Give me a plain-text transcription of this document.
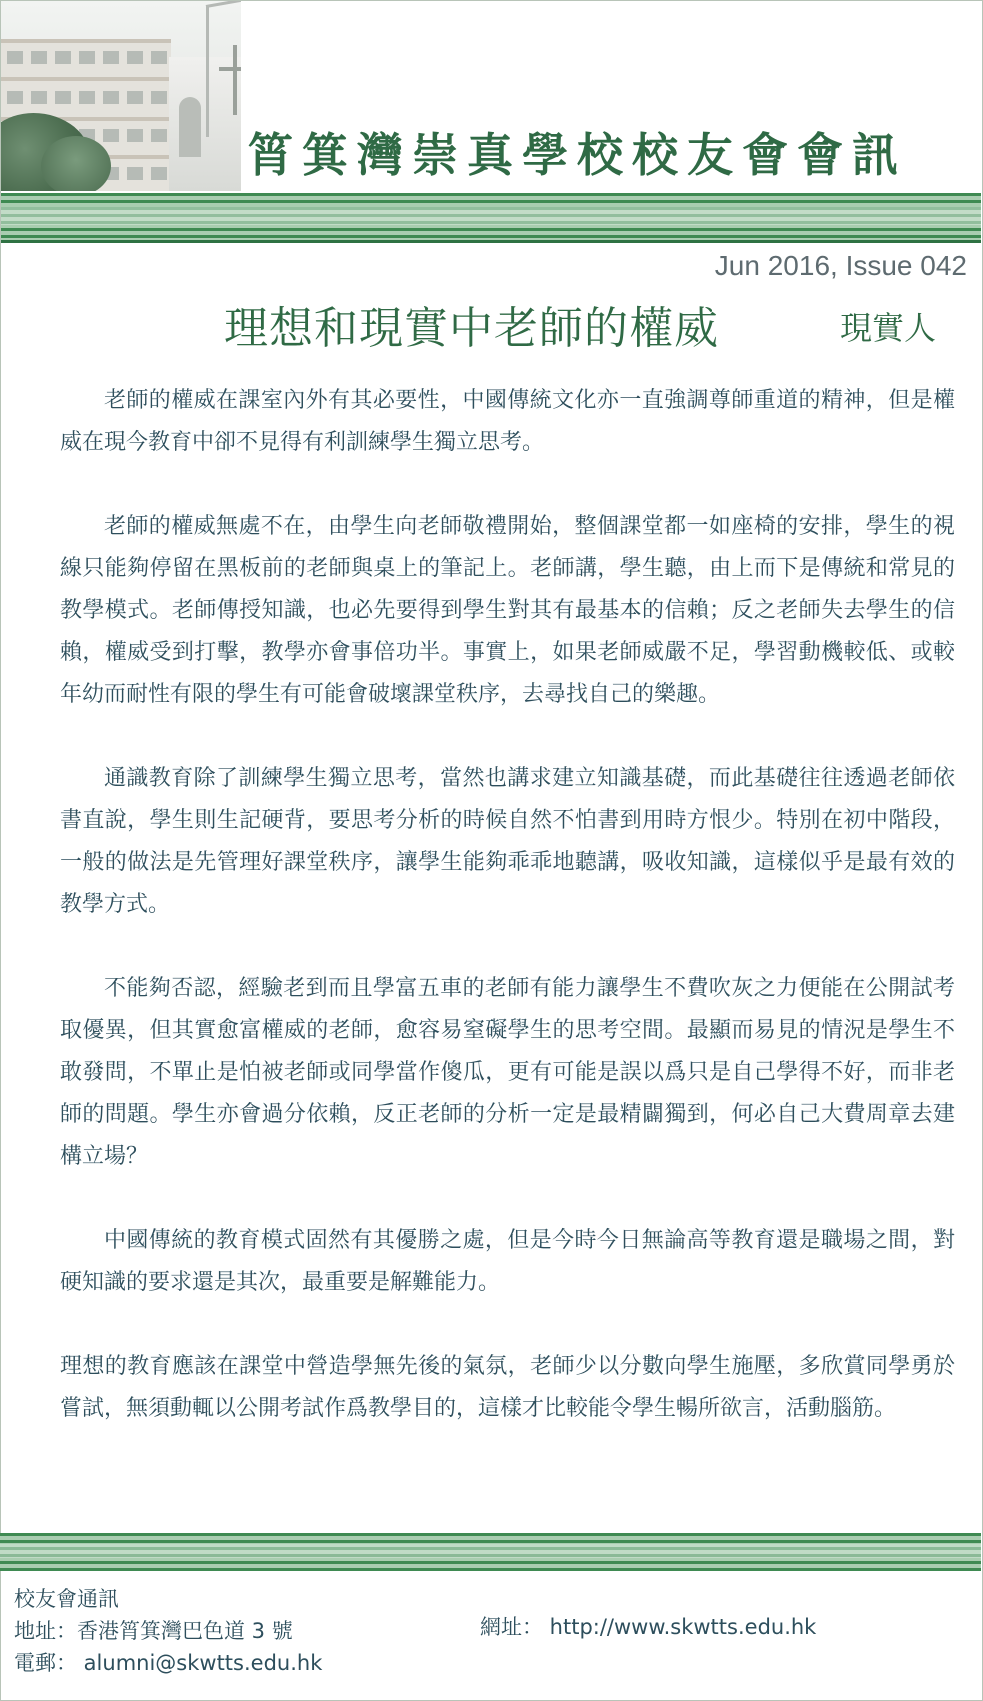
筲箕灣崇真學校校友會會訊
Jun 2016, Issue 042
理想和現實中老師的權威	現實人

老師的權威在課室內外有其必要性，中國傳統文化亦一直強調尊師重道的精神，但是權威在現今教育中卻不見得有利訓練學生獨立思考。

老師的權威無處不在，由學生向老師敬禮開始，整個課堂都一如座椅的安排，學生的視線只能夠停留在黑板前的老師與桌上的筆記上。老師講，學生聽，由上而下是傳統和常見的教學模式。老師傳授知識，也必先要得到學生對其有最基本的信賴；反之老師失去學生的信賴，權威受到打擊，教學亦會事倍功半。事實上，如果老師威嚴不足，學習動機較低、或較年幼而耐性有限的學生有可能會破壞課堂秩序，去尋找自己的樂趣。

通識教育除了訓練學生獨立思考，當然也講求建立知識基礎，而此基礎往往透過老師依書直說，學生則生記硬背，要思考分析的時候自然不怕書到用時方恨少。特別在初中階段，一般的做法是先管理好課堂秩序，讓學生能夠乖乖地聽講，吸收知識，這樣似乎是最有效的教學方式。

不能夠否認，經驗老到而且學富五車的老師有能力讓學生不費吹灰之力便能在公開試考取優異，但其實愈富權威的老師，愈容易窒礙學生的思考空間。最顯而易見的情況是學生不敢發問，不單止是怕被老師或同學當作傻瓜，更有可能是誤以爲只是自己學得不好，而非老師的問題。學生亦會過分依賴，反正老師的分析一定是最精闢獨到，何必自己大費周章去建構立場？

中國傳統的教育模式固然有其優勝之處，但是今時今日無論高等教育還是職場之間，對硬知識的要求還是其次，最重要是解難能力。

理想的教育應該在課堂中營造學無先後的氣氛，老師少以分數向學生施壓，多欣賞同學勇於嘗試，無須動輒以公開考試作爲教學目的，這樣才比較能令學生暢所欲言，活動腦筋。

校友會通訊
地址：香港筲箕灣巴色道 3 號
電郵： alumni@skwtts.edu.hk
網址： http://www.skwtts.edu.hk
